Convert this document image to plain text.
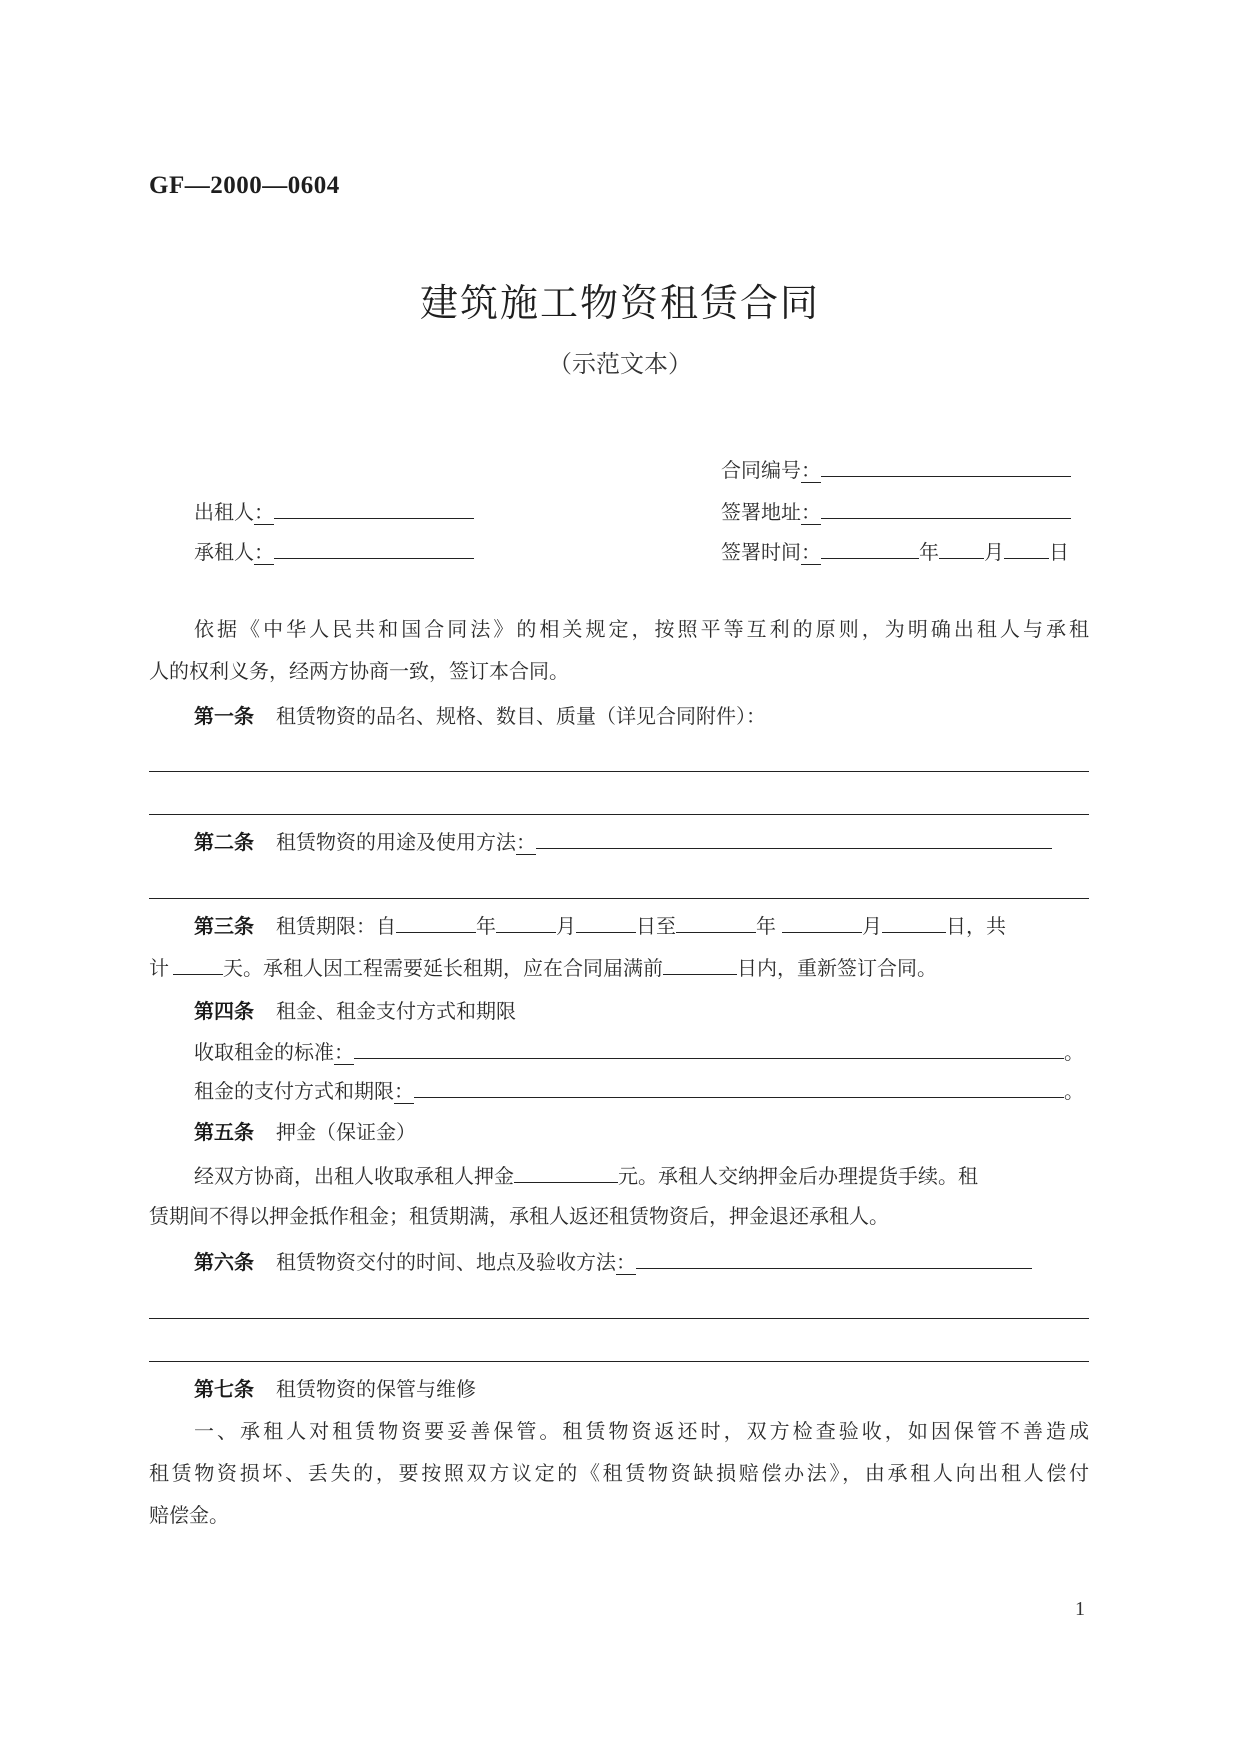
GF—2000—0604
建筑施工物资租赁合同
（示范文本）
合同编号：
出租人：	签署地址：
承租人：	签署时间：	年 月 日
依据《中华人民共和国合同法》的相关规定，按照平等互利的原则，为明确出租人与承租
人的权利义务，经两方协商一致，签订本合同。
第一条 租赁物资的品名、规格、数目、质量（详见合同附件）：
第二条 租赁物资的用途及使用方法：
第三条 租赁期限：自	年	月	日至	年	月	日，共
计	天。承租人因工程需要延长租期，应在合同届满前	日内，重新签订合同。
第四条 租金、租金支付方式和期限
收取租金的标准：	。
租金的支付方式和期限：	。
第五条 押金（保证金）
经双方协商，出租人收取承租人押金	元。承租人交纳押金后办理提货手续。租
赁期间不得以押金抵作租金；租赁期满，承租人返还租赁物资后，押金退还承租人。
第六条 租赁物资交付的时间、地点及验收方法：
第七条 租赁物资的保管与维修
一、承租人对租赁物资要妥善保管。租赁物资返还时，双方检查验收，如因保管不善造成
租赁物资损坏、丢失的，要按照双方议定的《租赁物资缺损赔偿办法》，由承租人向出租人偿付
赔偿金。
1
